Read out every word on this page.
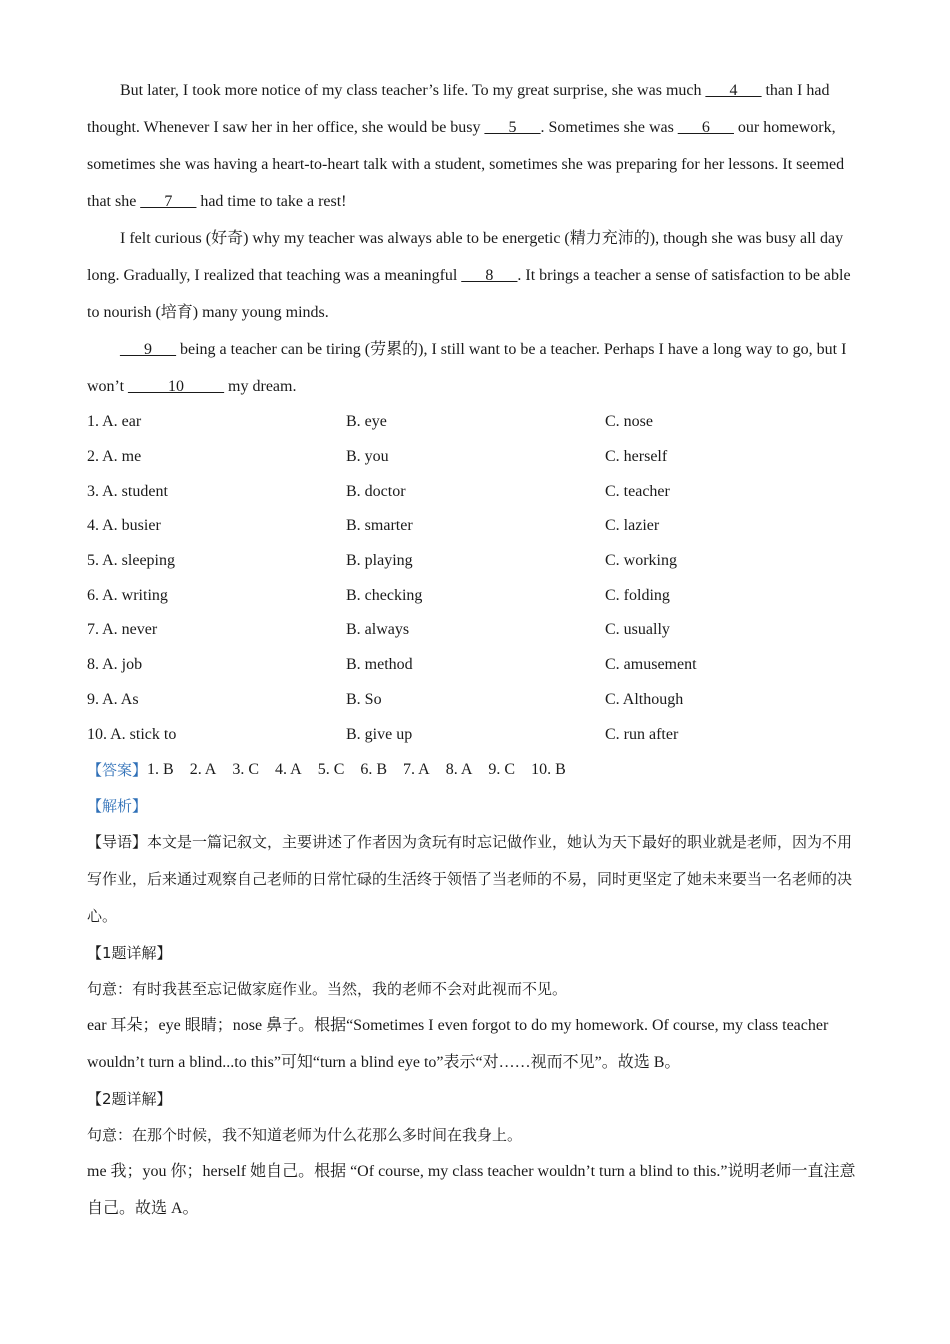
But later, I took more notice of my class teacher’s life. To my great surprise, she was much ___4___ than I had thought. Whenever I saw her in her office, she would be busy ___5___. Sometimes she was ___6___ our homework, sometimes she was having a heart-to-heart talk with a student, sometimes she was preparing for her lessons. It seemed that she ___7___ had time to take a rest!

I felt curious (好奇) why my teacher was always able to be energetic (精力充沛的), though she was busy all day long. Gradually, I realized that teaching was a meaningful ___8___. It brings a teacher a sense of satisfaction to be able to nourish (培育) many young minds.

___9___ being a teacher can be tiring (劳累的), I still want to be a teacher. Perhaps I have a long way to go, but I won’t _____10_____ my dream.

1. A. ear	B. eye	C. nose
2. A. me	B. you	C. herself
3. A. student	B. doctor	C. teacher
4. A. busier	B. smarter	C. lazier
5. A. sleeping	B. playing	C. working
6. A. writing	B. checking	C. folding
7. A. never	B. always	C. usually
8. A. job	B. method	C. amusement
9. A. As	B. So	C. Although
10. A. stick to	B. give up	C. run after
【答案】 1. B 2. A 3. C 4. A 5. C 6. B 7. A 8. A 9. C 10. B

【解析】

【导语】本文是一篇记叙文，主要讲述了作者因为贪玩有时忘记做作业，她认为天下最好的职业就是老师，因为不用写作业，后来通过观察自己老师的日常忙碌的生活终于领悟了当老师的不易，同时更坚定了她未来要当一名老师的决心。

【1题详解】

句意：有时我甚至忘记做家庭作业。当然，我的老师不会对此视而不见。

ear 耳朵；eye 眼睛；nose 鼻子。根据“Sometimes I even forgot to do my homework. Of course, my class teacher wouldn’t turn a blind...to this”可知“turn a blind eye to”表示“对……视而不见”。故选 B。

【2题详解】

句意：在那个时候，我不知道老师为什么花那么多时间在我身上。

me 我；you 你；herself 她自己。根据 “Of course, my class teacher wouldn’t turn a blind to this.”说明老师一直注意自己。故选 A。
